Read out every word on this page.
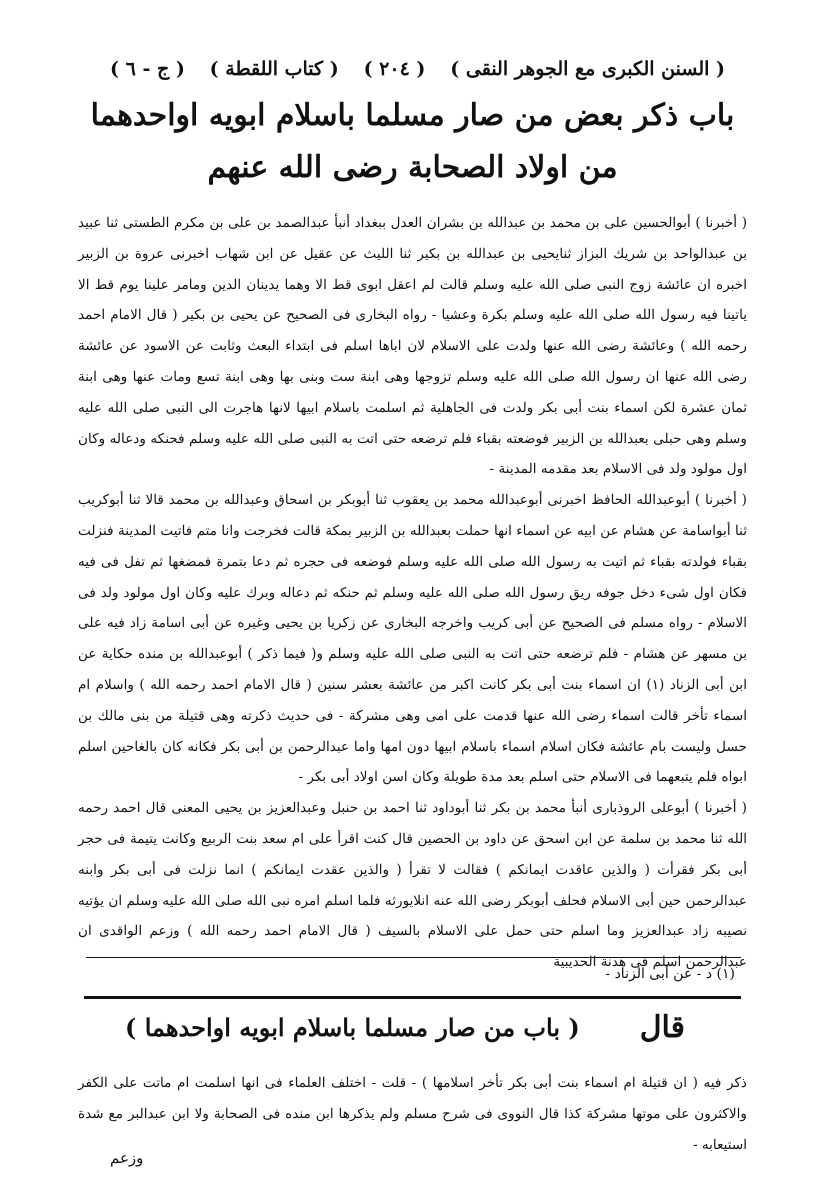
( السنن الكبرى مع الجوهر النقى )
( ٢٠٤ )
( كتاب اللقطة )
( ج - ٦ )
باب ذكر بعض من صار مسلما باسلام ابويه اواحدهما
من اولاد الصحابة رضى الله عنهم

( أخبرنا ) أبوالحسين على بن محمد بن عبدالله بن بشران العدل ببغداد أنبأ عبدالصمد بن على بن مكرم الطستى ثنا عبيد بن عبدالواحد بن شريك البزاز ثنايحيى بن عبدالله بن بكير ثنا الليث عن عقيل عن ابن شهاب اخبرنى عروة بن الزبير اخبره ان عائشة زوج النبى صلى الله عليه وسلم قالت لم اعقل ابوى قط الا وهما يدينان الدين ومامر علينا يوم قط الا ياتينا فيه رسول الله صلى الله عليه وسلم بكرة وعشيا - رواه البخارى فى الصحيح عن يحيى بن بكير ( قال الامام احمد رحمه الله ) وعائشة رضى الله عنها ولدت على الاسلام لان اباها اسلم فى ابتداء البعث وثابت عن الاسود عن عائشة رضى الله عنها ان رسول الله صلى الله عليه وسلم تزوجها وهى ابنة ست وبنى بها وهى ابنة تسع ومات عنها وهى ابنة ثمان عشرة لكن اسماء بنت أبى بكر ولدت فى الجاهلية ثم اسلمت باسلام ابيها لانها هاجرت الى النبى صلى الله عليه وسلم وهى حبلى بعبدالله بن الزبير فوضعته بقباء فلم ترضعه حتى اتت به النبى صلى الله عليه وسلم فحنكه ودعاله وكان اول مولود ولد فى الاسلام بعد مقدمه المدينة -

( أخبرنا ) أبوعبدالله الحافظ اخبرنى أبوعبدالله محمد بن يعقوب ثنا أبوبكر بن اسحاق وعبدالله بن محمد قالا ثنا أبوكريب ثنا أبواسامة عن هشام عن ابيه عن اسماء انها حملت بعبدالله بن الزبير بمكة قالت فخرجت وانا متم فاتيت المدينة فنزلت بقباء فولدته بقباء ثم اتيت به رسول الله صلى الله عليه وسلم فوضعه فى حجره ثم دعا بتمرة فمضغها ثم تفل فى فيه فكان اول شىء دخل جوفه ريق رسول الله صلى الله عليه وسلم ثم حنكه ثم دعاله وبرك عليه وكان اول مولود ولد فى الاسلام - رواه مسلم فى الصحيح عن أبى كريب واخرجه البخارى عن زكريا بن يحيى وغيره عن أبى اسامة زاد فيه على بن مسهر عن هشام - فلم ترضعه حتى اتت به النبى صلى الله عليه وسلم و( فيما ذكر ) أبوعبدالله بن منده حكاية عن ابن أبى الزناد (١) ان اسماء بنت أبى بكر كانت اكبر من عائشة بعشر سنين ( قال الامام احمد رحمه الله ) واسلام ام اسماء تأخر قالت اسماء رضى الله عنها قدمت على امى وهى مشركة - فى حديث ذكرته وهى قتيلة من بنى مالك بن حسل وليست بام عائشة فكان اسلام اسماء باسلام ابيها دون امها واما عبدالرحمن بن أبى بكر فكانه كان بالغاحين اسلم ابواه فلم يتبعهما فى الاسلام حتى اسلم بعد مدة طويلة وكان اسن اولاد أبى بكر -

( أخبرنا ) أبوعلى الروذبارى أنبأ محمد بن بكر ثنا أبوداود ثنا احمد بن حنبل وعبدالعزيز بن يحيى المعنى قال احمد رحمه الله ثنا محمد بن سلمة عن ابن اسحق عن داود بن الحصين قال كنت اقرأ على ام سعد بنت الربيع وكانت يتيمة فى حجر أبى بكر فقرأت ( والذين عاقدت ايمانكم ) فقالت لا تقرأ ( والذين عقدت ايمانكم ) انما نزلت فى أبى بكر وابنه عبدالرحمن حين أبى الاسلام فحلف أبوبكر رضى الله عنه انلايورثه فلما اسلم امره نبى الله صلى الله عليه وسلم ان يؤتيه نصيبه زاد عبدالعزيز وما اسلم حتى حمل على الاسلام بالسيف ( قال الامام احمد رحمه الله ) وزعم الواقدى ان عبدالرحمن اسلم فى هدنة الحديبية

(١) د - عن أبى الزناد -
قال
( باب من صار مسلما باسلام ابويه اواحدهما )

ذكر فيه ( ان قتيلة ام اسماء بنت أبى بكر تأخر اسلامها ) - قلت - اختلف العلماء فى انها اسلمت ام ماتت على الكفر والاكثرون على موتها مشركة كذا قال النووى فى شرح مسلم ولم يذكرها ابن منده فى الصحابة ولا ابن عبدالبر مع شدة استيعابه -

وزعم
